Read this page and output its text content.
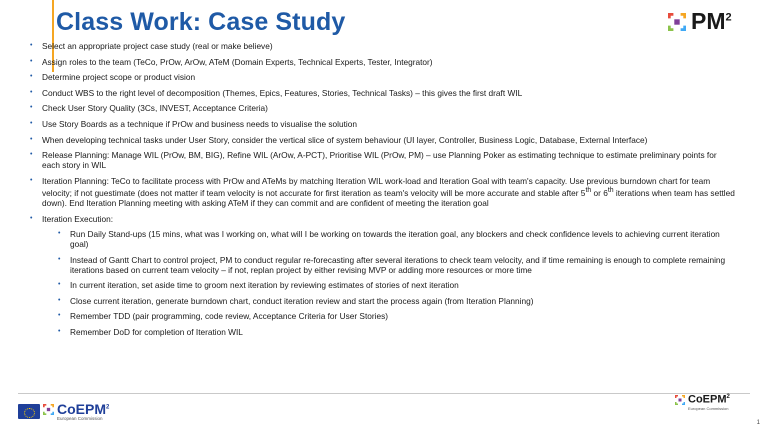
Class Work: Case Study	$PM^2$
• Select an appropriate project case study (real or make believe)
• Assign roles to the team (TeCo, PrOw, ArOw, ATeM (Domain Experts, Technical Experts, Tester, Integrator)
• Determine project scope or product vision
• Conduct WBS to the right level of decomposition (Themes, Epics, Features, Stories, Technical Tasks) – this gives the first draft WIL
• Check User Story Quality (3Cs, INVEST, Acceptance Criteria)
• Use Story Boards as a technique if PrOw and business needs to visualise the solution
• When developing technical tasks under User Story, consider the vertical slice of system behaviour (UI layer, Controller, Business Logic, Database, External Interface)
• Release Planning: Manage WIL (PrOw, BM, BIG), Refine WIL (ArOw, A-PCT), Prioritise WIL (PrOw, PM) – use Planning Poker as estimating technique to estimate preliminary points for each story in WIL
• Iteration Planning: TeCo to facilitate process with PrOw and ATeMs by matching Iteration WIL work-load and Iteration Goal with team's capacity. Use previous burndown chart for team velocity; if not guestimate (does not matter if team velocity is not accurate for first iteration as team's velocity will be more accurate and stable after 5th or 6th iterations when team has settled down). End Iteration Planning meeting with asking ATeM if they can commit and are confident of meeting the iteration goal
• Iteration Execution:
• Run Daily Stand-ups (15 mins, what was I working on, what will I be working on towards the iteration goal, any blockers and check confidence levels to achieving current iteration goal)
• Instead of Gantt Chart to control project, PM to conduct regular re-forecasting after several iterations to check team velocity, and if time remaining is enough to complete remaining iterations based on current team velocity – if not, replan project by either revising MVP or adding more resources or more time
• In current iteration, set aside time to groom next iteration by reviewing estimates of stories of next iteration
• Close current iteration, generate burndown chart, conduct iteration review and start the process again (from Iteration Planning)
• Remember TDD (pair programming, code review, Acceptance Criteria for User Stories)
• Remember DoD for completion of Iteration WIL
CoEPM$^2$
European Commission
CoEPM$^2$
European Commission
1
